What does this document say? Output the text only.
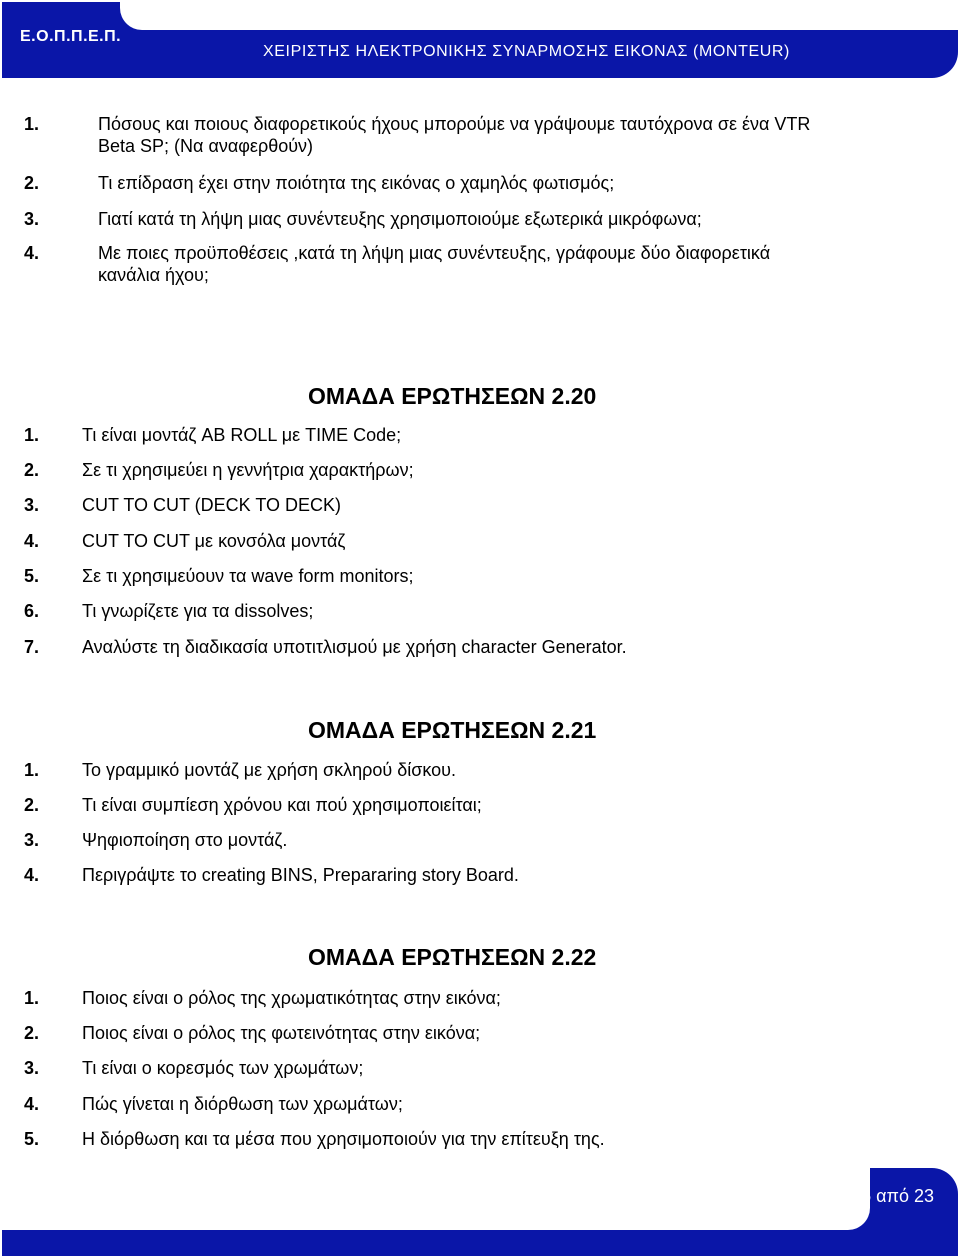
Ε.Ο.Π.Π.Ε.Π.
ΧΕΙΡΙΣΤΗΣ ΗΛΕΚΤΡΟΝΙΚΗΣ ΣΥΝΑΡΜΟΣΗΣ ΕΙΚΟΝΑΣ (MONTEUR)
1.	Πόσους και ποιους διαφορετικούς ήχους μπορούμε να γράψουμε ταυτόχρονα σε ένα VTR
Beta SP; (Να αναφερθούν)
2.	Τι επίδραση έχει στην ποιότητα της εικόνας ο χαμηλός φωτισμός;
3.	Γιατί κατά τη λήψη μιας συνέντευξης χρησιμοποιούμε εξωτερικά μικρόφωνα;
4.	Με ποιες προϋποθέσεις ,κατά τη λήψη μιας συνέντευξης, γράφουμε δύο διαφορετικά
κανάλια ήχου;
ΟΜΑΔΑ ΕΡΩΤΗΣΕΩΝ 2.20
1. Τι είναι μοντάζ AB ROLL με TIME Code;
2. Σε τι χρησιμεύει η γεννήτρια χαρακτήρων;
3. CUT TO CUT (DECK TO DECK)
4. CUT TO CUT με κονσόλα μοντάζ
5. Σε τι χρησιμεύουν τα wave form monitors;
6. Τι γνωρίζετε για τα dissolves;
7. Αναλύστε τη διαδικασία υποτιτλισμού με χρήση character Generator.
ΟΜΑΔΑ ΕΡΩΤΗΣΕΩΝ 2.21
1. Το γραμμικό μοντάζ με χρήση σκληρού δίσκου.
2. Τι είναι συμπίεση χρόνου και πού χρησιμοποιείται;
3. Ψηφιοποίηση στο μοντάζ.
4. Περιγράψτε το creating BINS, Prepararing story Board.
ΟΜΑΔΑ ΕΡΩΤΗΣΕΩΝ 2.22
1. Ποιος είναι ο ρόλος της χρωματικότητας στην εικόνα;
2. Ποιος είναι ο ρόλος της φωτεινότητας στην εικόνα;
3. Τι είναι ο κορεσμός των χρωμάτων;
4. Πώς γίνεται η διόρθωση των χρωμάτων;
5. Η διόρθωση και τα μέσα που χρησιμοποιούν για την επίτευξη της.
Σελίδα 15 από 23
